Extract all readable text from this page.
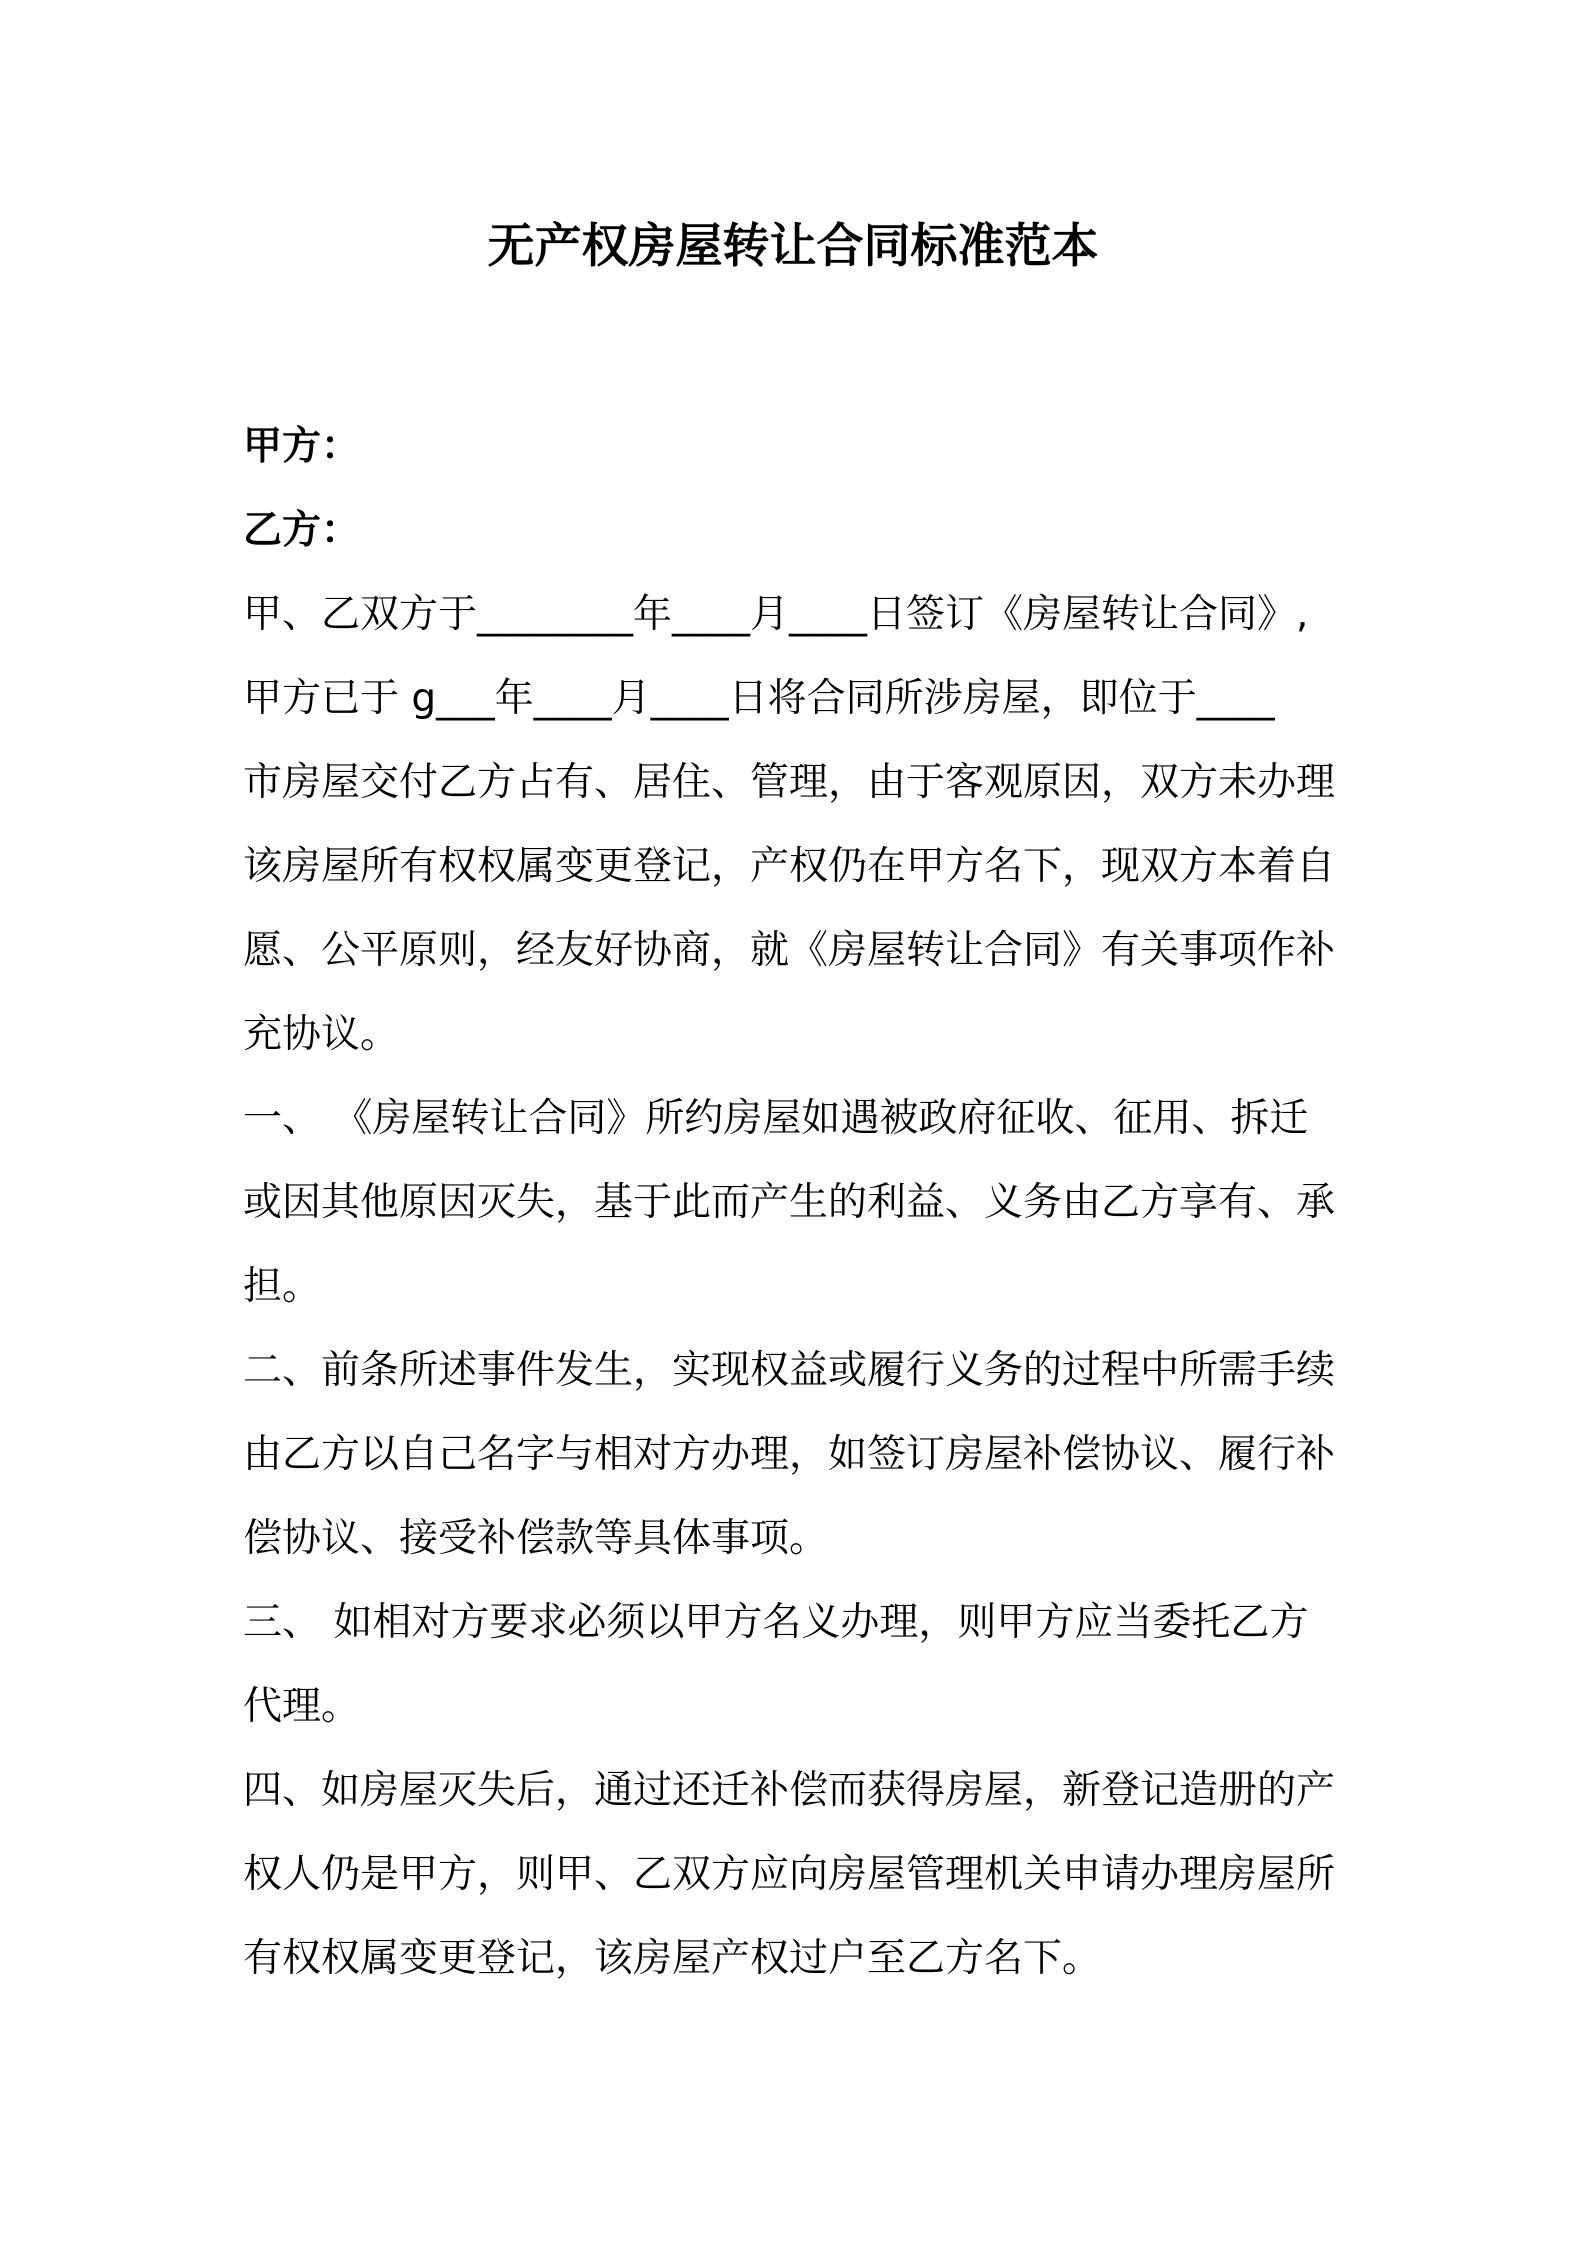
无产权房屋转让合同标准范本
甲方：
乙方：
甲、乙双方于________年____月____日签订《房屋转让合同》,
甲方已于 g___年____月____日将合同所涉房屋，即位于____
市房屋交付乙方占有、居住、管理，由于客观原因，双方未办理
该房屋所有权权属变更登记，产权仍在甲方名下，现双方本着自
愿、公平原则，经友好协商，就《房屋转让合同》有关事项作补
充协议。
一、 《房屋转让合同》所约房屋如遇被政府征收、征用、拆迁
或因其他原因灭失，基于此而产生的利益、义务由乙方享有、承
担。
二、前条所述事件发生，实现权益或履行义务的过程中所需手续
由乙方以自己名字与相对方办理，如签订房屋补偿协议、履行补
偿协议、接受补偿款等具体事项。
三、 如相对方要求必须以甲方名义办理，则甲方应当委托乙方
代理。
四、如房屋灭失后，通过还迁补偿而获得房屋，新登记造册的产
权人仍是甲方，则甲、乙双方应向房屋管理机关申请办理房屋所
有权权属变更登记，该房屋产权过户至乙方名下。
